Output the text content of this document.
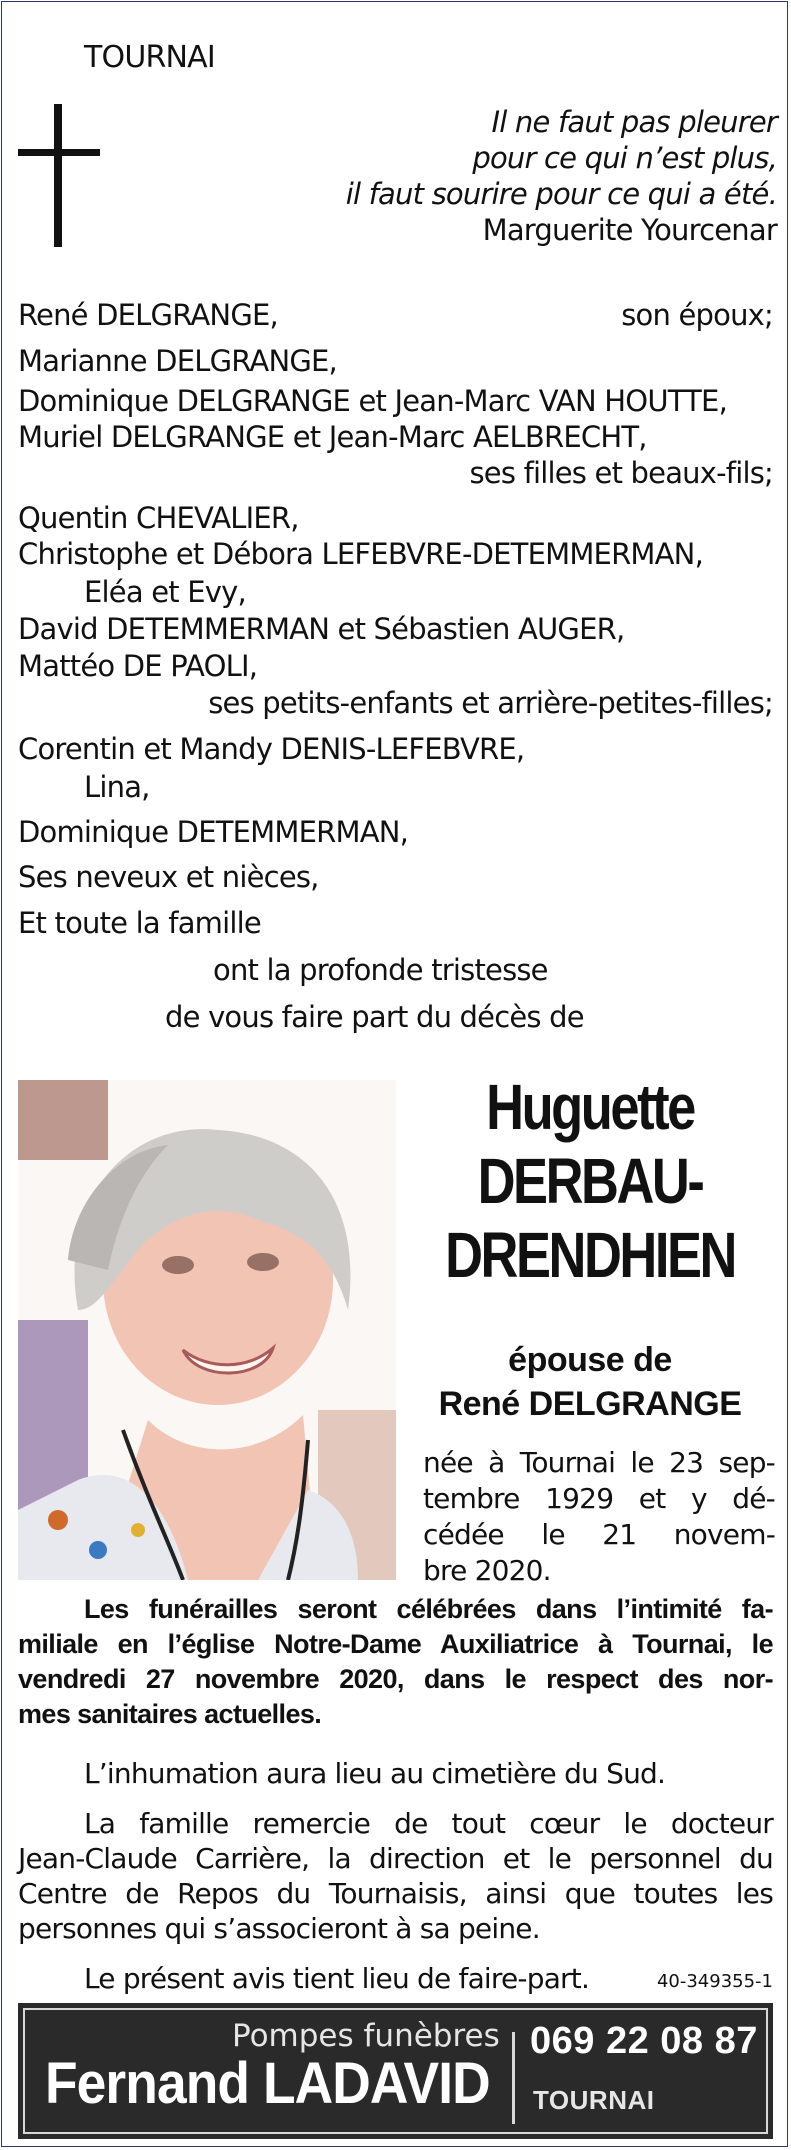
TOURNAI
Il ne faut pas pleurer
pour ce qui n’est plus,
il faut sourire pour ce qui a été.
Marguerite Yourcenar
René DELGRANGE,	son époux;
Marianne DELGRANGE,
Dominique DELGRANGE et Jean-Marc VAN HOUTTE,
Muriel DELGRANGE et Jean-Marc AELBRECHT,
ses filles et beaux-fils;
Quentin CHEVALIER,
Christophe et Débora LEFEBVRE-DETEMMERMAN,
Eléa et Evy,
David DETEMMERMAN et Sébastien AUGER,
Mattéo DE PAOLI,
ses petits-enfants et arrière-petites-filles;
Corentin et Mandy DENIS-LEFEBVRE,
Lina,
Dominique DETEMMERMAN,
Ses neveux et nièces,
Et toute la famille
ont la profonde tristesse
de vous faire part du décès de
Huguette
DERBAU-
DRENDHIEN
épouse de
René DELGRANGE
née à Tournai le 23 sep-
tembre 1929 et y dé-
cédée le 21 novem-
bre 2020.
Les funérailles seront célébrées dans l’intimité fa-
miliale en l’église Notre-Dame Auxiliatrice à Tournai, le
vendredi 27 novembre 2020, dans le respect des nor-
mes sanitaires actuelles.
L’inhumation aura lieu au cimetière du Sud.
La famille remercie de tout cœur le docteur
Jean-Claude Carrière, la direction et le personnel du
Centre de Repos du Tournaisis, ainsi que toutes les
personnes qui s’associeront à sa peine.
Le présent avis tient lieu de faire-part.	40-349355-1
Pompes funèbres
Fernand LADAVID
069 22 08 87
TOURNAI
